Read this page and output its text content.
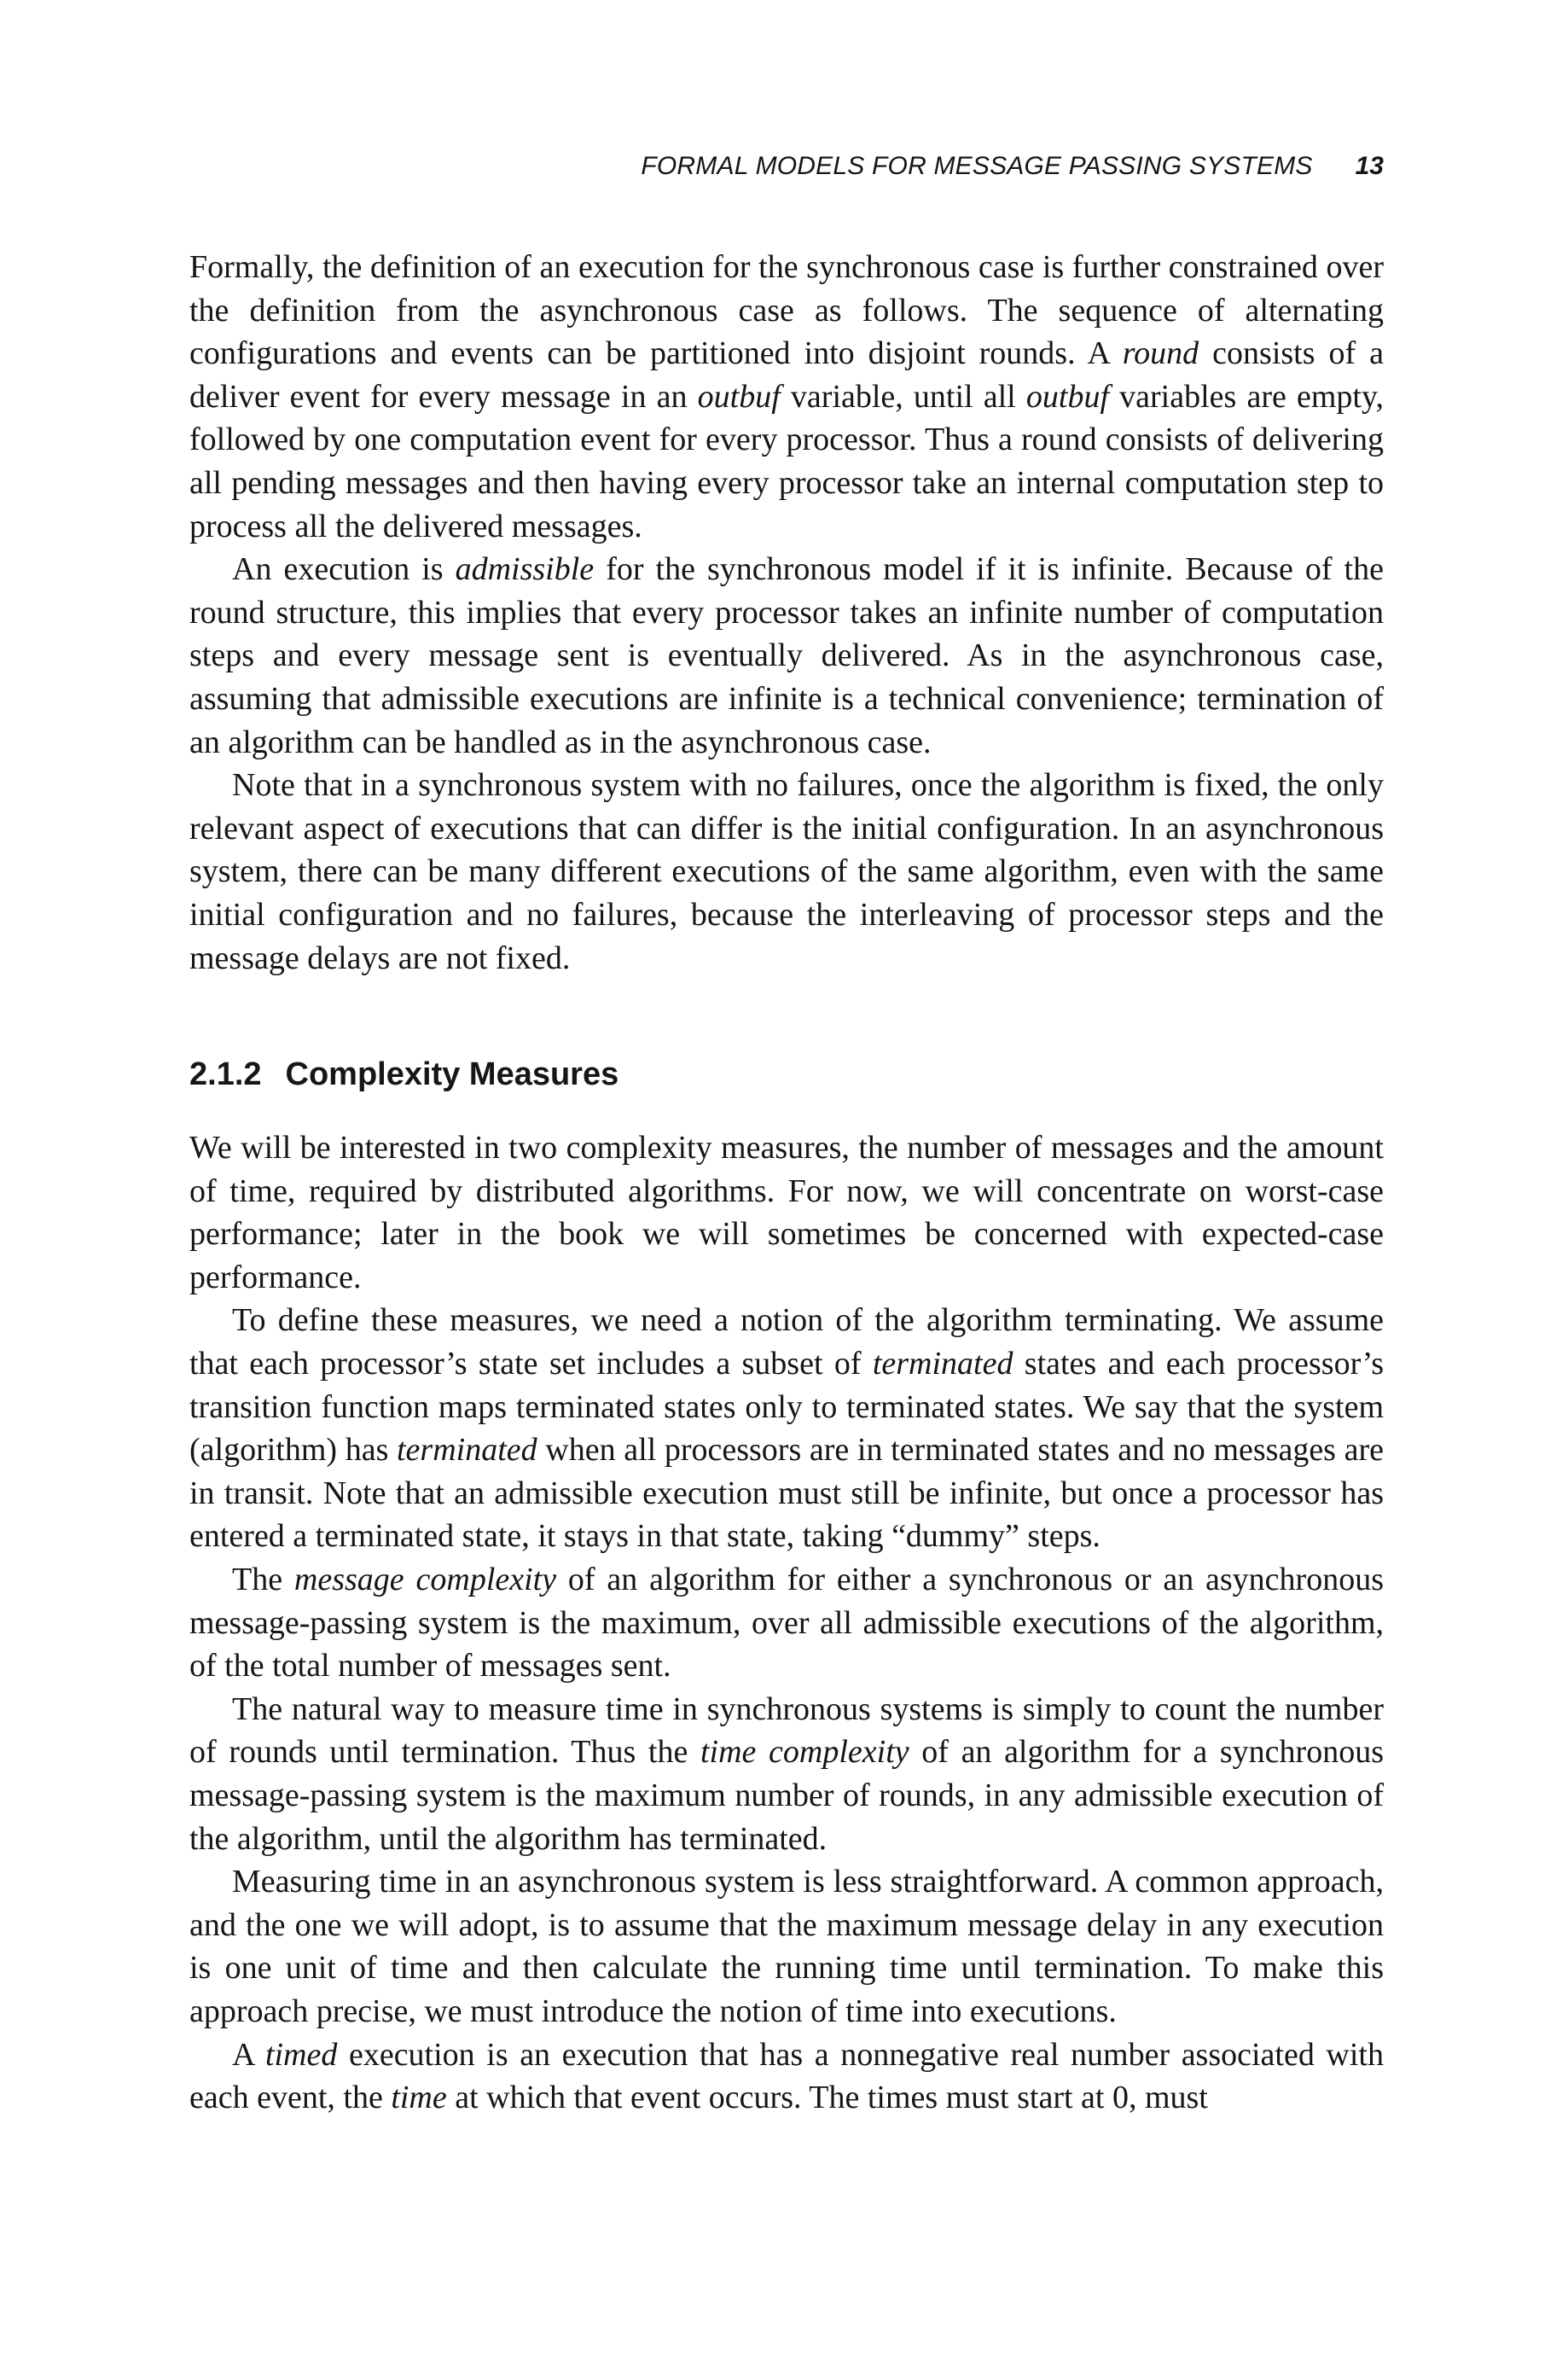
FORMAL MODELS FOR MESSAGE PASSING SYSTEMS 13

Formally, the definition of an execution for the synchronous case is further constrained over the definition from the asynchronous case as follows. The sequence of alternating configurations and events can be partitioned into disjoint rounds. A round consists of a deliver event for every message in an outbuf variable, until all outbuf variables are empty, followed by one computation event for every processor. Thus a round consists of delivering all pending messages and then having every processor take an internal computation step to process all the delivered messages.

An execution is admissible for the synchronous model if it is infinite. Because of the round structure, this implies that every processor takes an infinite number of computation steps and every message sent is eventually delivered. As in the asynchronous case, assuming that admissible executions are infinite is a technical convenience; termination of an algorithm can be handled as in the asynchronous case.

Note that in a synchronous system with no failures, once the algorithm is fixed, the only relevant aspect of executions that can differ is the initial configuration. In an asynchronous system, there can be many different executions of the same algorithm, even with the same initial configuration and no failures, because the interleaving of processor steps and the message delays are not fixed.

2.1.2 Complexity Measures

We will be interested in two complexity measures, the number of messages and the amount of time, required by distributed algorithms. For now, we will concentrate on worst-case performance; later in the book we will sometimes be concerned with expected-case performance.

To define these measures, we need a notion of the algorithm terminating. We assume that each processor’s state set includes a subset of terminated states and each processor’s transition function maps terminated states only to terminated states. We say that the system (algorithm) has terminated when all processors are in terminated states and no messages are in transit. Note that an admissible execution must still be infinite, but once a processor has entered a terminated state, it stays in that state, taking “dummy” steps.

The message complexity of an algorithm for either a synchronous or an asynchronous message-passing system is the maximum, over all admissible executions of the algorithm, of the total number of messages sent.

The natural way to measure time in synchronous systems is simply to count the number of rounds until termination. Thus the time complexity of an algorithm for a synchronous message-passing system is the maximum number of rounds, in any admissible execution of the algorithm, until the algorithm has terminated.

Measuring time in an asynchronous system is less straightforward. A common approach, and the one we will adopt, is to assume that the maximum message delay in any execution is one unit of time and then calculate the running time until termination. To make this approach precise, we must introduce the notion of time into executions.

A timed execution is an execution that has a nonnegative real number associated with each event, the time at which that event occurs. The times must start at 0, must
